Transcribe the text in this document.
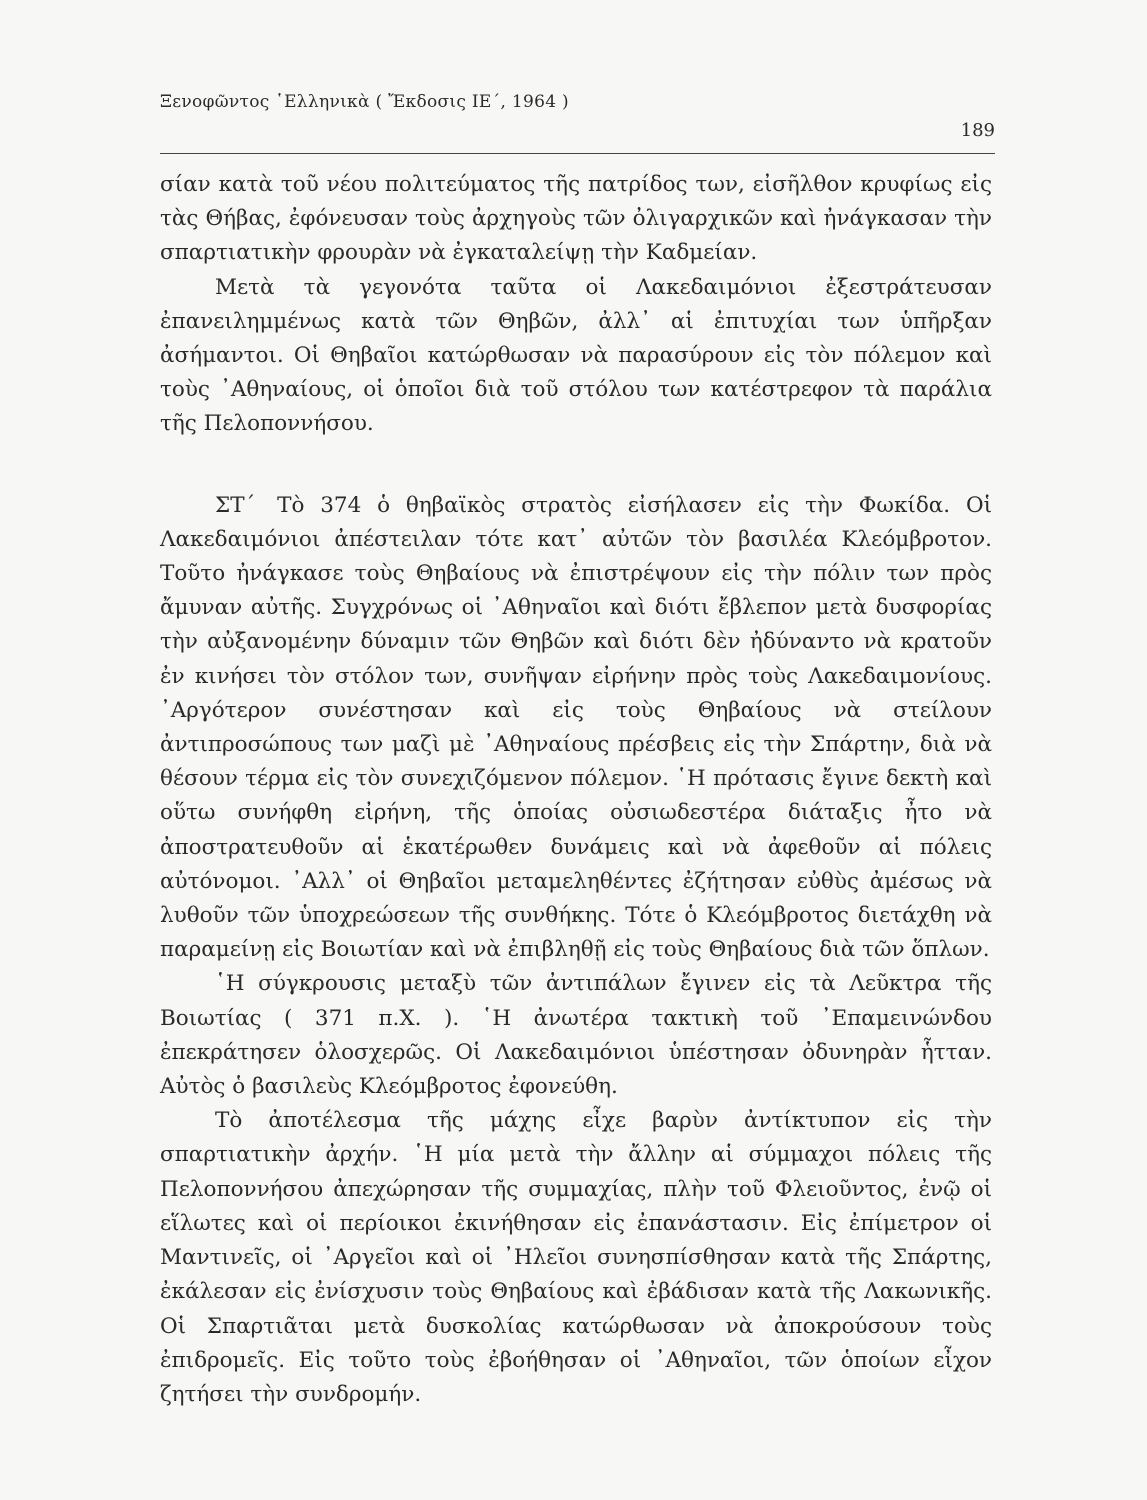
Ξενοφῶντος ῾Ελληνικὰ ( Ἔκδοσις ΙΕ΄, 1964 )
189

σίαν κατὰ τοῦ νέου πολιτεύματος τῆς πατρίδος των, εἰσῆλθον κρυφίως εἰς τὰς Θήβας, ἐφόνευσαν τοὺς ἀρχηγοὺς τῶν ὀλιγαρχικῶν καὶ ἠνάγκασαν τὴν σπαρτιατικὴν φρουρὰν νὰ ἐγκαταλείψῃ τὴν Καδμείαν.

Μετὰ τὰ γεγονότα ταῦτα οἱ Λακεδαιμόνιοι ἐξεστράτευσαν ἐπανειλημμένως κατὰ τῶν Θηβῶν, ἀλλ᾿ αἱ ἐπιτυχίαι των ὑπῆρξαν ἀσήμαντοι. Οἱ Θηβαῖοι κατώρθωσαν νὰ παρασύρουν εἰς τὸν πόλεμον καὶ τοὺς ᾿Αθηναίους, οἱ ὁποῖοι διὰ τοῦ στόλου των κατέστρεφον τὰ παράλια τῆς Πελοποννήσου.

ΣΤ΄ Τὸ 374 ὁ θηβαϊκὸς στρατὸς εἰσήλασεν εἰς τὴν Φωκίδα. Οἱ Λακεδαιμόνιοι ἀπέστειλαν τότε κατ᾿ αὐτῶν τὸν βασιλέα Κλεόμβροτον. Τοῦτο ἠνάγκασε τοὺς Θηβαίους νὰ ἐπιστρέψουν εἰς τὴν πόλιν των πρὸς ἄμυναν αὐτῆς. Συγχρόνως οἱ ᾿Αθηναῖοι καὶ διότι ἔβλεπον μετὰ δυσφορίας τὴν αὐξανομένην δύναμιν τῶν Θηβῶν καὶ διότι δὲν ἠδύναντο νὰ κρατοῦν ἐν κινήσει τὸν στόλον των, συνῆψαν εἰρήνην πρὸς τοὺς Λακεδαιμονίους. ᾿Αργότερον συνέστησαν καὶ εἰς τοὺς Θηβαίους νὰ στείλουν ἀντιπροσώπους των μαζὶ μὲ ᾿Αθηναίους πρέσβεις εἰς τὴν Σπάρτην, διὰ νὰ θέσουν τέρμα εἰς τὸν συνεχιζόμενον πόλεμον. ῾Η πρότασις ἔγινε δεκτὴ καὶ οὕτω συνήφθη εἰρήνη, τῆς ὁποίας οὐσιωδεστέρα διάταξις ἦτο νὰ ἀποστρατευθοῦν αἱ ἑκατέρωθεν δυνάμεις καὶ νὰ ἀφεθοῦν αἱ πόλεις αὐτόνομοι. ᾿Αλλ᾿ οἱ Θηβαῖοι μεταμεληθέντες ἐζήτησαν εὐθὺς ἀμέσως νὰ λυθοῦν τῶν ὑποχρεώσεων τῆς συνθήκης. Τότε ὁ Κλεόμβροτος διετάχθη νὰ παραμείνῃ εἰς Βοιωτίαν καὶ νὰ ἐπιβληθῇ εἰς τοὺς Θηβαίους διὰ τῶν ὅπλων.

῾Η σύγκρουσις μεταξὺ τῶν ἀντιπάλων ἔγινεν εἰς τὰ Λεῦκτρα τῆς Βοιωτίας ( 371 π.Χ. ). ῾Η ἀνωτέρα τακτικὴ τοῦ ᾿Επαμεινώνδου ἐπεκράτησεν ὁλοσχερῶς. Οἱ Λακεδαιμόνιοι ὑπέστησαν ὀδυνηρὰν ἧτταν. Αὐτὸς ὁ βασιλεὺς Κλεόμβροτος ἐφονεύθη.

Τὸ ἀποτέλεσμα τῆς μάχης εἶχε βαρὺν ἀντίκτυπον εἰς τὴν σπαρτιατικὴν ἀρχήν. ῾Η μία μετὰ τὴν ἄλλην αἱ σύμμαχοι πόλεις τῆς Πελοποννήσου ἀπεχώρησαν τῆς συμμαχίας, πλὴν τοῦ Φλειοῦντος, ἐνῷ οἱ εἵλωτες καὶ οἱ περίοικοι ἐκινήθησαν εἰς ἐπανάστασιν. Εἰς ἐπίμετρον οἱ Μαντινεῖς, οἱ ᾿Αργεῖοι καὶ οἱ ᾿Ηλεῖοι συνησπίσθησαν κατὰ τῆς Σπάρτης, ἐκάλεσαν εἰς ἐνίσχυσιν τοὺς Θηβαίους καὶ ἐβάδισαν κατὰ τῆς Λακωνικῆς. Οἱ Σπαρτιᾶται μετὰ δυσκολίας κατώρθωσαν νὰ ἀποκρούσουν τοὺς ἐπιδρομεῖς. Εἰς τοῦτο τοὺς ἐβοήθησαν οἱ ᾿Αθηναῖοι, τῶν ὁποίων εἶχον ζητήσει τὴν συνδρομήν.
